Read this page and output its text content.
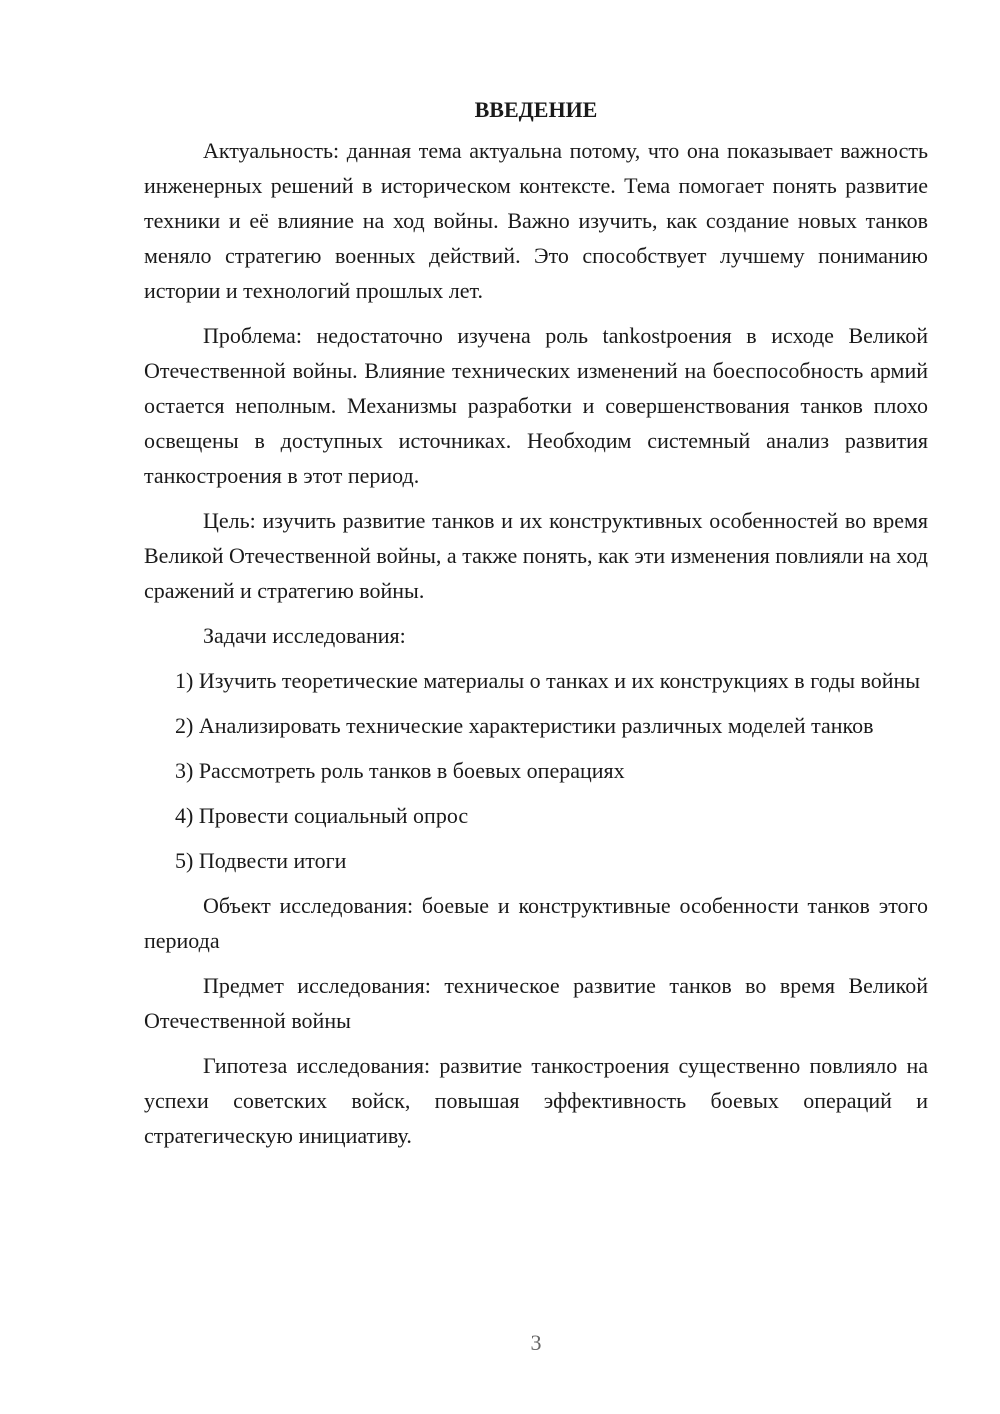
ВВЕДЕНИЕ

Актуальность: данная тема актуальна потому, что она показывает важность инженерных решений в историческом контексте. Тема помогает понять развитие техники и её влияние на ход войны. Важно изучить, как создание новых танков меняло стратегию военных действий. Это способствует лучшему пониманию истории и технологий прошлых лет.

Проблема: недостаточно изучена роль tankostроения в исходе Великой Отечественной войны. Влияние технических изменений на боеспособность армий остается неполным. Механизмы разработки и совершенствования танков плохо освещены в доступных источниках. Необходим системный анализ развития танкостроения в этот период.

Цель: изучить развитие танков и их конструктивных особенностей во время Великой Отечественной войны, а также понять, как эти изменения повлияли на ход сражений и стратегию войны.

Задачи исследования:

1) Изучить теоретические материалы о танках и их конструкциях в годы войны

2) Анализировать технические характеристики различных моделей танков

3) Рассмотреть роль танков в боевых операциях

4) Провести социальный опрос

5) Подвести итоги

Объект исследования: боевые и конструктивные особенности танков этого периода

Предмет исследования: техническое развитие танков во время Великой Отечественной войны

Гипотеза исследования: развитие танкостроения существенно повлияло на успехи советских войск, повышая эффективность боевых операций и стратегическую инициативу.

3
